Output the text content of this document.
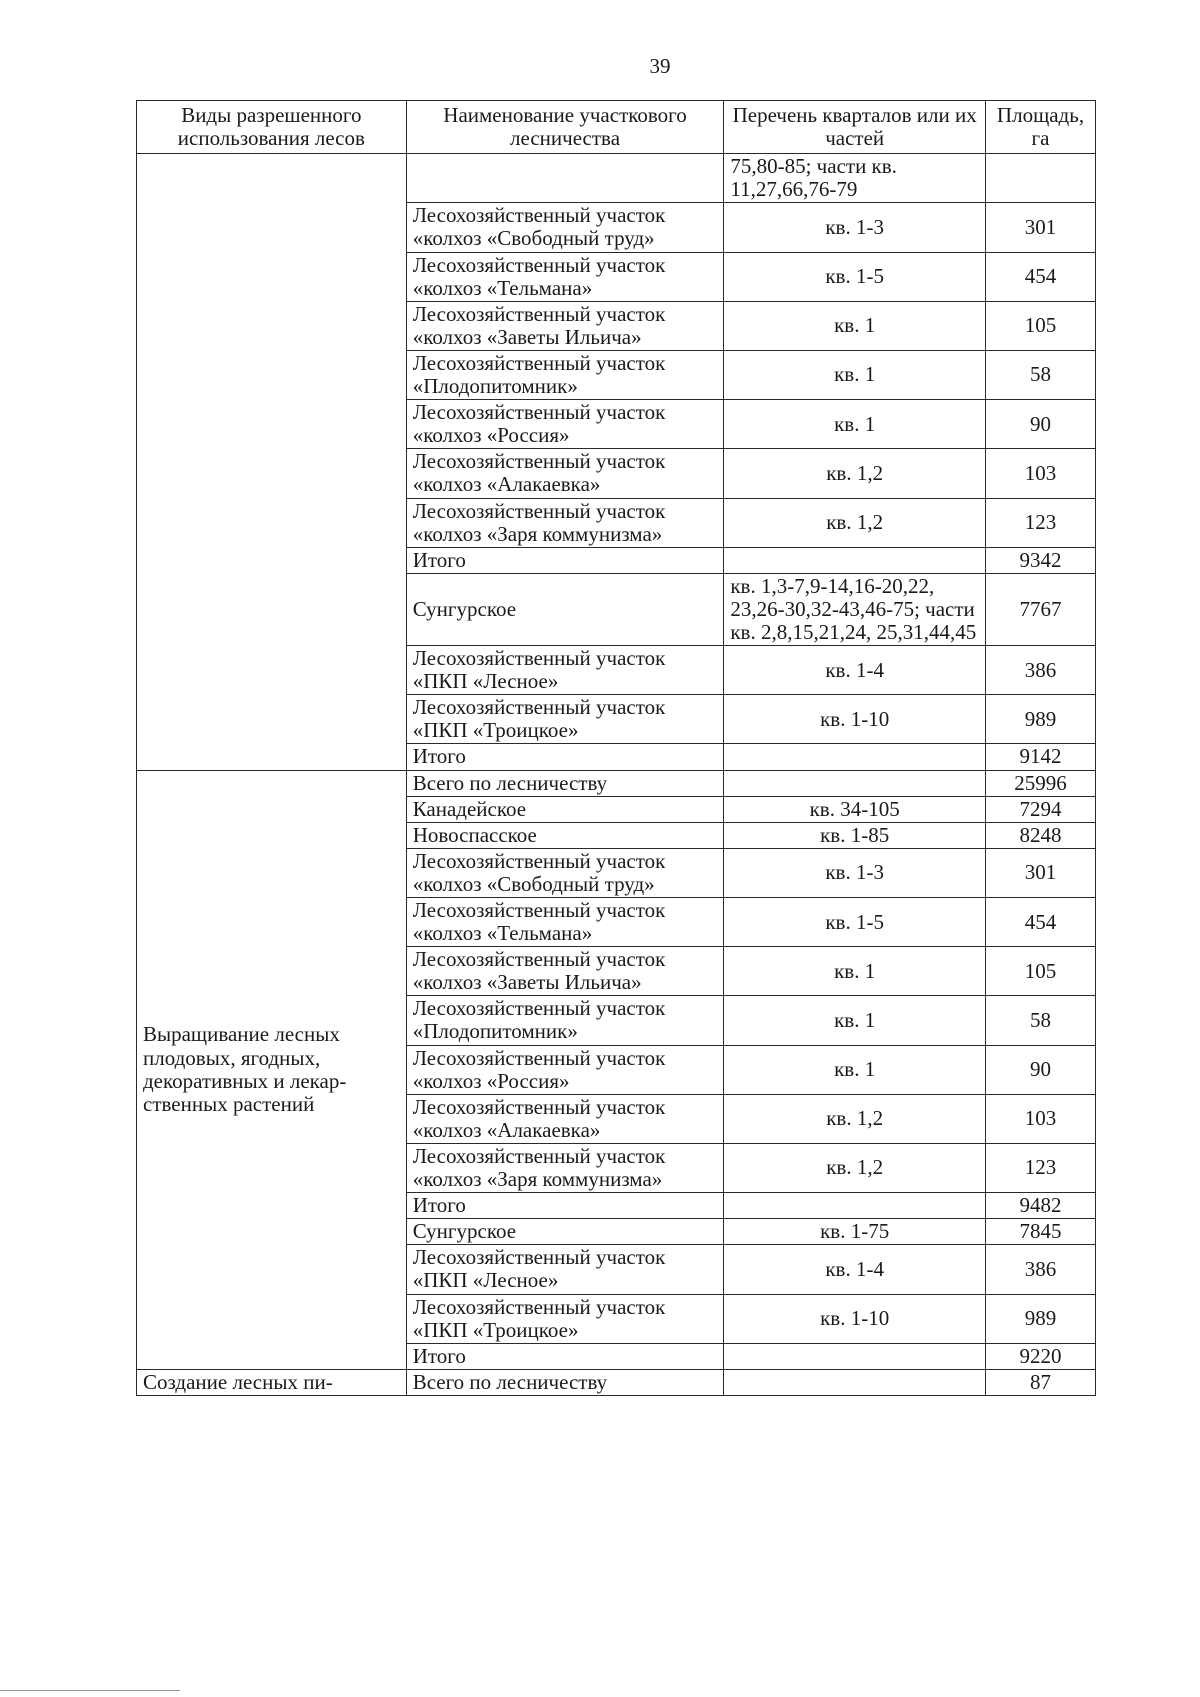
39
Виды разрешенного использования лесов	Наименование участкового лесничества	Перечень кварталов или их частей	Площадь, га
		75,80-85; части кв. 11,27,66,76-79	
	Лесохозяйственный участок «колхоз «Свободный труд»	кв. 1-3	301
	Лесохозяйственный участок «колхоз «Тельмана»	кв. 1-5	454
	Лесохозяйственный участок «колхоз «Заветы Ильича»	кв. 1	105
	Лесохозяйственный участок «Плодопитомник»	кв. 1	58
	Лесохозяйственный участок «колхоз «Россия»	кв. 1	90
	Лесохозяйственный участок «колхоз «Алакаевка»	кв. 1,2	103
	Лесохозяйственный участок «колхоз «Заря коммунизма»	кв. 1,2	123
	Итого		9342
	Сунгурское	кв. 1,3-7,9-14,16-20,22, 23,26-30,32-43,46-75; части кв. 2,8,15,21,24, 25,31,44,45	7767
	Лесохозяйственный участок «ПКП «Лесное»	кв. 1-4	386
	Лесохозяйственный участок «ПКП «Троицкое»	кв. 1-10	989
	Итого		9142
Выращивание лесных плодовых, ягодных, декоративных и лекар-ственных растений	Всего по лесничеству		25996
	Канадейское	кв. 34-105	7294
	Новоспасское	кв. 1-85	8248
	Лесохозяйственный участок «колхоз «Свободный труд»	кв. 1-3	301
	Лесохозяйственный участок «колхоз «Тельмана»	кв. 1-5	454
	Лесохозяйственный участок «колхоз «Заветы Ильича»	кв. 1	105
	Лесохозяйственный участок «Плодопитомник»	кв. 1	58
	Лесохозяйственный участок «колхоз «Россия»	кв. 1	90
	Лесохозяйственный участок «колхоз «Алакаевка»	кв. 1,2	103
	Лесохозяйственный участок «колхоз «Заря коммунизма»	кв. 1,2	123
	Итого		9482
	Сунгурское	кв. 1-75	7845
	Лесохозяйственный участок «ПКП «Лесное»	кв. 1-4	386
	Лесохозяйственный участок «ПКП «Троицкое»	кв. 1-10	989
	Итого		9220
Создание лесных пи-	Всего по лесничеству		87
